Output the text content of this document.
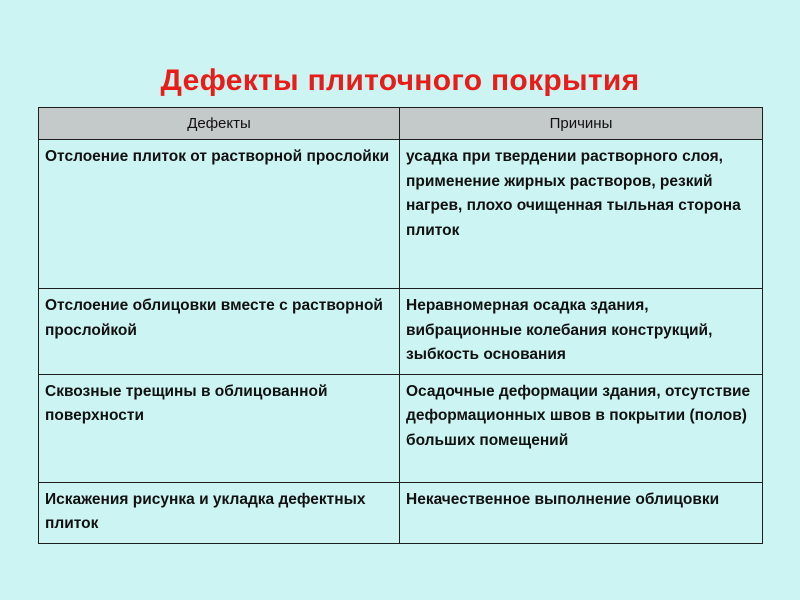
Дефекты плиточного покрытия
Дефекты	Причины
Отслоение плиток от растворной прослойки	усадка при твердении растворного слоя, применение жирных растворов, резкий нагрев, плохо очищенная тыльная сторона плиток
Отслоение облицовки вместе с растворной прослойкой	Неравномерная осадка здания, вибрационные колебания конструкций, зыбкость основания
Сквозные трещины в облицованной поверхности	Осадочные деформации здания, отсутствие деформационных швов в покрытии (полов) больших помещений
Искажения рисунка и укладка дефектных плиток	Некачественное выполнение облицовки
